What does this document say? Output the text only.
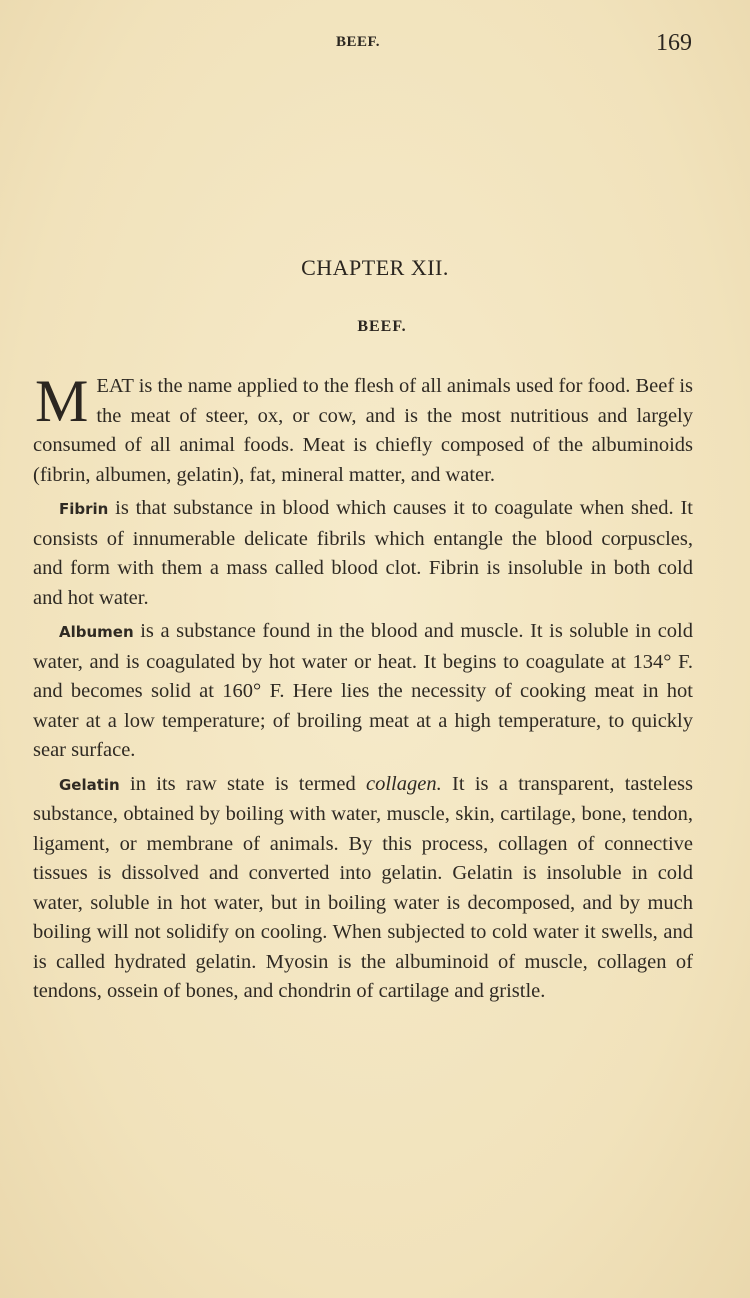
BEEF.	169
CHAPTER XII.
BEEF.

MEAT is the name applied to the flesh of all animals used for food. Beef is the meat of steer, ox, or cow, and is the most nutritious and largely consumed of all animal foods. Meat is chiefly composed of the albuminoids (fibrin, albumen, gelatin), fat, mineral matter, and water.

Fibrin is that substance in blood which causes it to coagulate when shed. It consists of innumerable delicate fibrils which entangle the blood corpuscles, and form with them a mass called blood clot. Fibrin is insoluble in both cold and hot water.

Albumen is a substance found in the blood and muscle. It is soluble in cold water, and is coagulated by hot water or heat. It begins to coagulate at 134° F. and becomes solid at 160° F. Here lies the necessity of cooking meat in hot water at a low temperature; of broiling meat at a high temperature, to quickly sear surface.

Gelatin in its raw state is termed collagen. It is a transparent, tasteless substance, obtained by boiling with water, muscle, skin, cartilage, bone, tendon, ligament, or membrane of animals. By this process, collagen of connective tissues is dissolved and converted into gelatin. Gelatin is insoluble in cold water, soluble in hot water, but in boiling water is decomposed, and by much boiling will not solidify on cooling. When subjected to cold water it swells, and is called hydrated gelatin. Myosin is the albuminoid of muscle, collagen of tendons, ossein of bones, and chondrin of cartilage and gristle.
